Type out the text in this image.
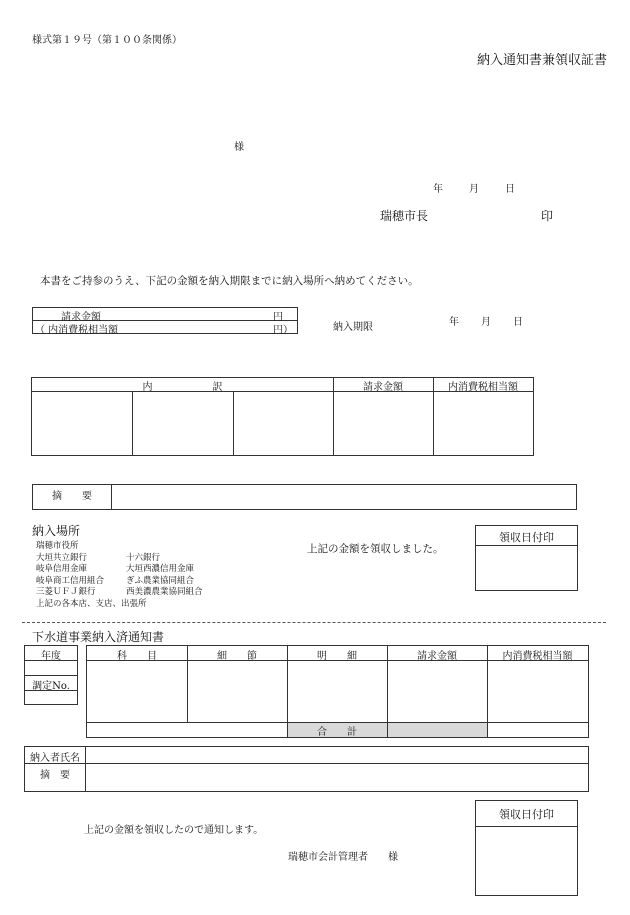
様式第１９号（第１００条関係）
納入通知書兼領収証書
様
年	月	日
瑞穂市長	印
本書をご持参のうえ、下記の金額を納入期限までに納入場所へ納めてください。
請求金額	円
（ 内消費税相当額	円）	納入期限	年 月 日
内　　　　　　訳	請求金額	内消費税相当額
摘　　要
納入場所
瑞穂市役所
大垣共立銀行	十六銀行
岐阜信用金庫	大垣西濃信用金庫
岐阜商工信用組合	ぎふ農業協同組合
三菱ＵＦＪ銀行	西美濃農業協同組合
上記の各本店、支店、出張所
上記の金額を領収しました。
領収日付印
下水道事業納入済通知書
年度
調定No.
科　　目	細　　節	明　　細	請求金額	内消費税相当額
合　　計
納入者氏名
摘　要
上記の金額を領収したので通知します。
瑞穂市会計管理者　　様
領収日付印
